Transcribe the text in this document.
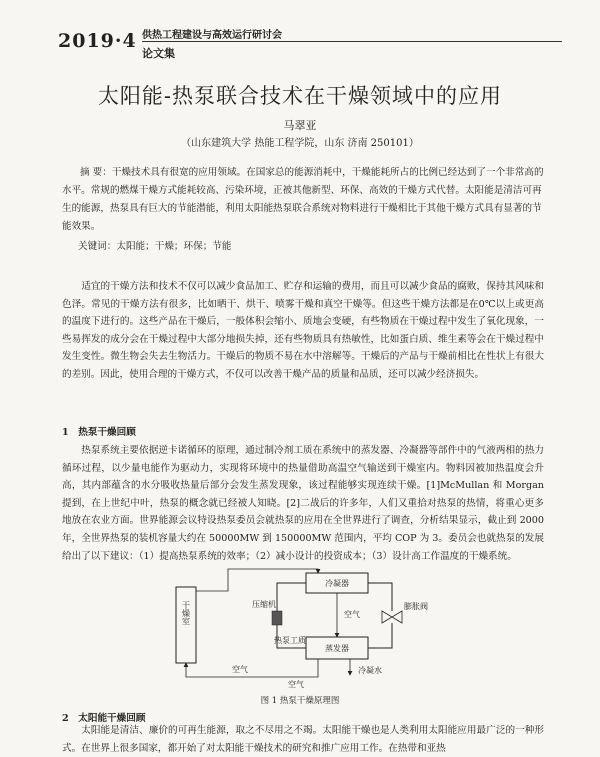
2019·4 供热工程建设与高效运行研讨会
论文集
太阳能-热泵联合技术在干燥领域中的应用
马翠亚
（山东建筑大学 热能工程学院，山东 济南 250101）
摘 要：干燥技术具有很宽的应用领域。在国家总的能源消耗中，干燥能耗所占的比例已经达到了一个非常高的水平。常规的燃煤干燥方式能耗较高、污染环境，正被其他新型、环保、高效的干燥方式代替。太阳能是清洁可再生的能源，热泵具有巨大的节能潜能，利用太阳能热泵联合系统对物料进行干燥相比于其他干燥方式具有显著的节能效果。
关键词：太阳能；干燥；环保；节能
适宜的干燥方法和技术不仅可以减少食品加工、贮存和运输的费用，而且可以减少食品的腐败，保持其风味和色泽。常见的干燥方法有很多，比如晒干、烘干、喷雾干燥和真空干燥等。但这些干燥方法都是在0℃以上或更高的温度下进行的。这些产品在干燥后，一般体积会缩小、质地会变硬，有些物质在干燥过程中发生了氧化现象，一些易挥发的成分会在干燥过程中大部分地损失掉，还有些物质具有热敏性，比如蛋白质、维生素等会在干燥过程中发生变性。微生物会失去生物活力。干燥后的物质不易在水中溶解等。干燥后的产品与干燥前相比在性状上有很大的差别。因此，使用合理的干燥方式，不仅可以改善干燥产品的质量和品质，还可以减少经济损失。
1　热泵干燥回顾
热泵系统主要依据逆卡诺循环的原理，通过制冷剂工质在系统中的蒸发器、冷凝器等部件中的气液两相的热力循环过程，以少量电能作为驱动力，实现将环境中的热量借助高温空气输送到干燥室内。物料因被加热温度会升高，其内部蕴含的水分吸收热量后部分会发生蒸发现象，该过程能够实现连续干燥。[1]McMullan 和 Morgan 提到，在上世纪中叶，热泵的概念就已经被人知晓。[2]二战后的许多年，人们又重拾对热泵的热情，将重心更多地放在农业方面。世界能源会议特设热泵委员会就热泵的应用在全世界进行了调查，分析结果显示，截止到 2000 年，全世界热泵的装机容量大约在 50000MW 到 150000MW 范围内，平均 COP 为 3。委员会也就热泵的发展给出了以下建议：（1）提高热泵系统的效率；（2）减小设计的投资成本；（3）设计高工作温度的干燥系统。
干燥室
冷凝器
蒸发器
压缩机	膨胀阀
空气
空气
热泵工质
冷凝水
空气
图 1 热泵干燥原理图
2　太阳能干燥回顾
太阳能是清洁、廉价的可再生能源，取之不尽用之不竭。太阳能干燥也是人类利用太阳能应用最广泛的一种形式。在世界上很多国家，都开始了对太阳能干燥技术的研究和推广应用工作。在热带和亚热
